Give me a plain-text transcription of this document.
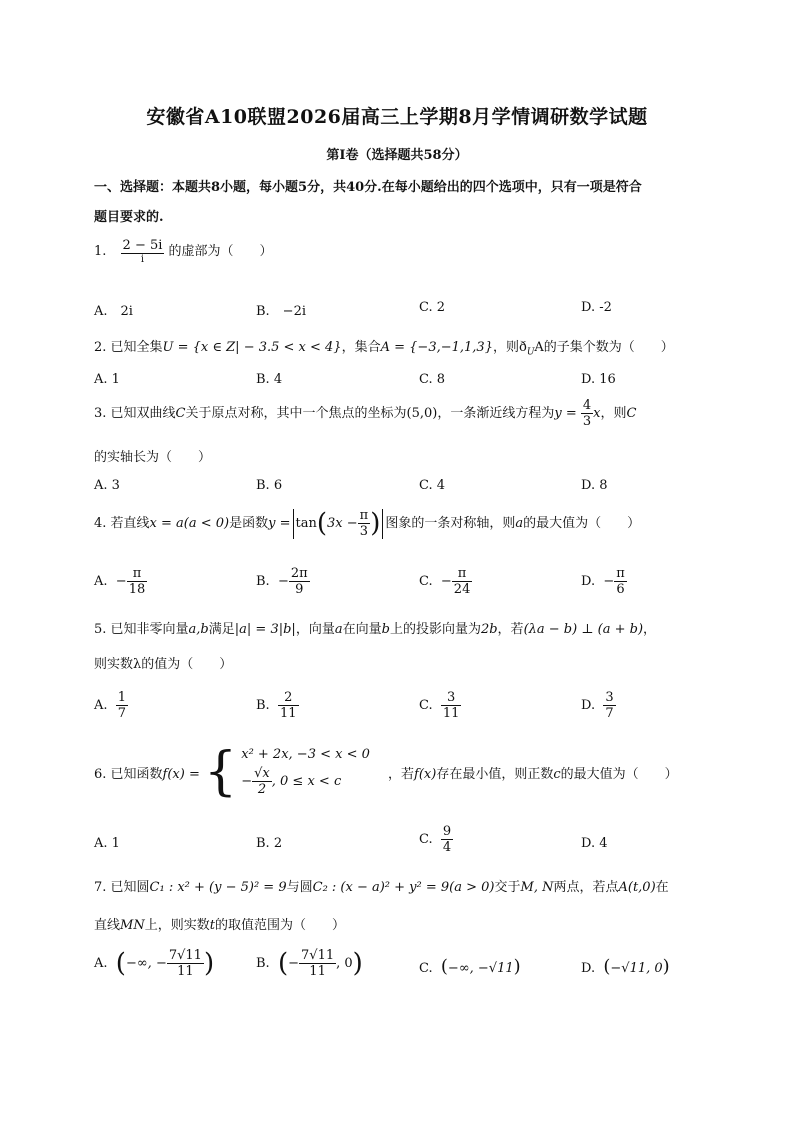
安徽省A10联盟2026届高三上学期8月学情调研数学试题
第I卷（选择题共58分）
一、选择题：本题共8小题，每小题5分，共40分.在每小题给出的四个选项中，只有一项是符合
题目要求的.
1. $\frac{2 - 5i}{i}$ 的虚部为（　　）
A.　2i	B.　−2i	C. 2	D. -2
2. 已知全集U = {x ∈ Z| − 3.5 < x < 4}，集合A = {−3,−1,1,3}，则$ð_UA$的子集个数为（　　）
A. 1	B. 4	C. 8	D. 16
3. 已知双曲线C关于原点对称，其中一个焦点的坐标为(5,0)，一条渐近线方程为$y = \frac{4}{3}$ x，则C
的实轴长为（　　）
A. 3	B. 6	C. 4	D. 8
4. 若直线x = a(a < 0)是函数$y = \tan(3x - \frac{\pi}{3}$ ) 图象的一条对称轴，则a的最大值为（　　）
A. − $\frac{\pi}{18}$	B. − $\frac{2\pi}{9}$	C. − $\frac{\pi}{24}$	D. − $\frac{\pi}{6}$
5. 已知非零向量a,b满足|a| = 3|b|，向量a在向量b上的投影向量为2b，若(λa − b) ⊥ (a + b)，
则实数λ的值为（　　）
A. $\frac{1}{7}$	B. $\frac{2}{11}$	C. $\frac{3}{11}$	D. $\frac{3}{7}$
6. 已知函数f(x) = { x² + 2x, −3 < x < 0
− $\frac{√x}{2}$ , 0 ≤ x < c	，若f(x)存在最小值，则正数c的最大值为（　　）
A. 1	B. 2	C. $\frac{9}{4}$	D. 4
7. 已知圆C₁ : x² + (y − 5)² = 9与圆C₂ : (x − a)² + y² = 9(a > 0)交于M, N两点，若点A(t,0)在
直线MN上，则实数t的取值范围为（　　）
A. (−∞, − $\frac{7√11}{11}$ )	B. (− $\frac{7√11}{11}$ , 0)	C. (−∞, −√11)	D. (−√11, 0)
